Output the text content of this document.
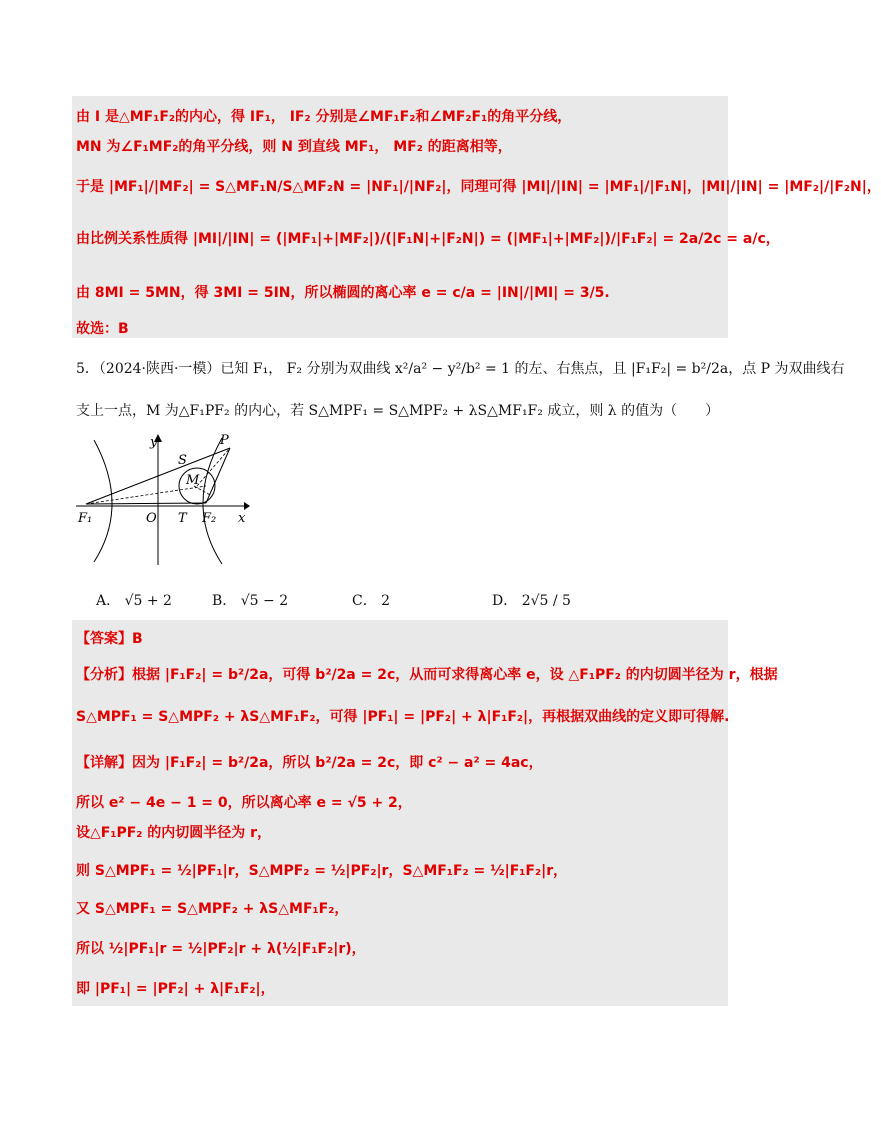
由 I 是△MF₁F₂的内心，得 IF₁， IF₂ 分别是∠MF₁F₂和∠MF₂F₁的角平分线，
MN 为∠F₁MF₂的角平分线，则 N 到直线 MF₁， MF₂ 的距离相等，
于是 |MF₁|/|MF₂| = S△MF₁N/S△MF₂N = |NF₁|/|NF₂|，同理可得 |MI|/|IN| = |MF₁|/|F₁N|，|MI|/|IN| = |MF₂|/|F₂N|，
由比例关系性质得 |MI|/|IN| = (|MF₁|+|MF₂|)/(|F₁N|+|F₂N|) = (|MF₁|+|MF₂|)/|F₁F₂| = 2a/2c = a/c，
由 8MI = 5MN，得 3MI = 5IN，所以椭圆的离心率 e = c/a = |IN|/|MI| = 3/5.
故选：B
5．（2024·陕西·一模）已知 F₁， F₂ 分别为双曲线 x²/a² − y²/b² = 1 的左、右焦点，且 |F₁F₂| = b²/2a，点 P 为双曲线右
支上一点，M 为△F₁PF₂ 的内心，若 S△MPF₁ = S△MPF₂ + λS△MF₁F₂ 成立，则 λ 的值为（　　）
y	P
S
M
F₁	O T F₂ x
A． √5 + 2	B． √5 − 2	C． 2	D． 2√5 / 5
【答案】B
【分析】根据 |F₁F₂| = b²/2a，可得 b²/2a = 2c，从而可求得离心率 e，设 △F₁PF₂ 的内切圆半径为 r，根据
S△MPF₁ = S△MPF₂ + λS△MF₁F₂，可得 |PF₁| = |PF₂| + λ|F₁F₂|，再根据双曲线的定义即可得解.
【详解】因为 |F₁F₂| = b²/2a，所以 b²/2a = 2c，即 c² − a² = 4ac，
所以 e² − 4e − 1 = 0，所以离心率 e = √5 + 2，
设△F₁PF₂ 的内切圆半径为 r，
则 S△MPF₁ = ½|PF₁|r，S△MPF₂ = ½|PF₂|r，S△MF₁F₂ = ½|F₁F₂|r，
又 S△MPF₁ = S△MPF₂ + λS△MF₁F₂，
所以 ½|PF₁|r = ½|PF₂|r + λ(½|F₁F₂|r)，
即 |PF₁| = |PF₂| + λ|F₁F₂|，
